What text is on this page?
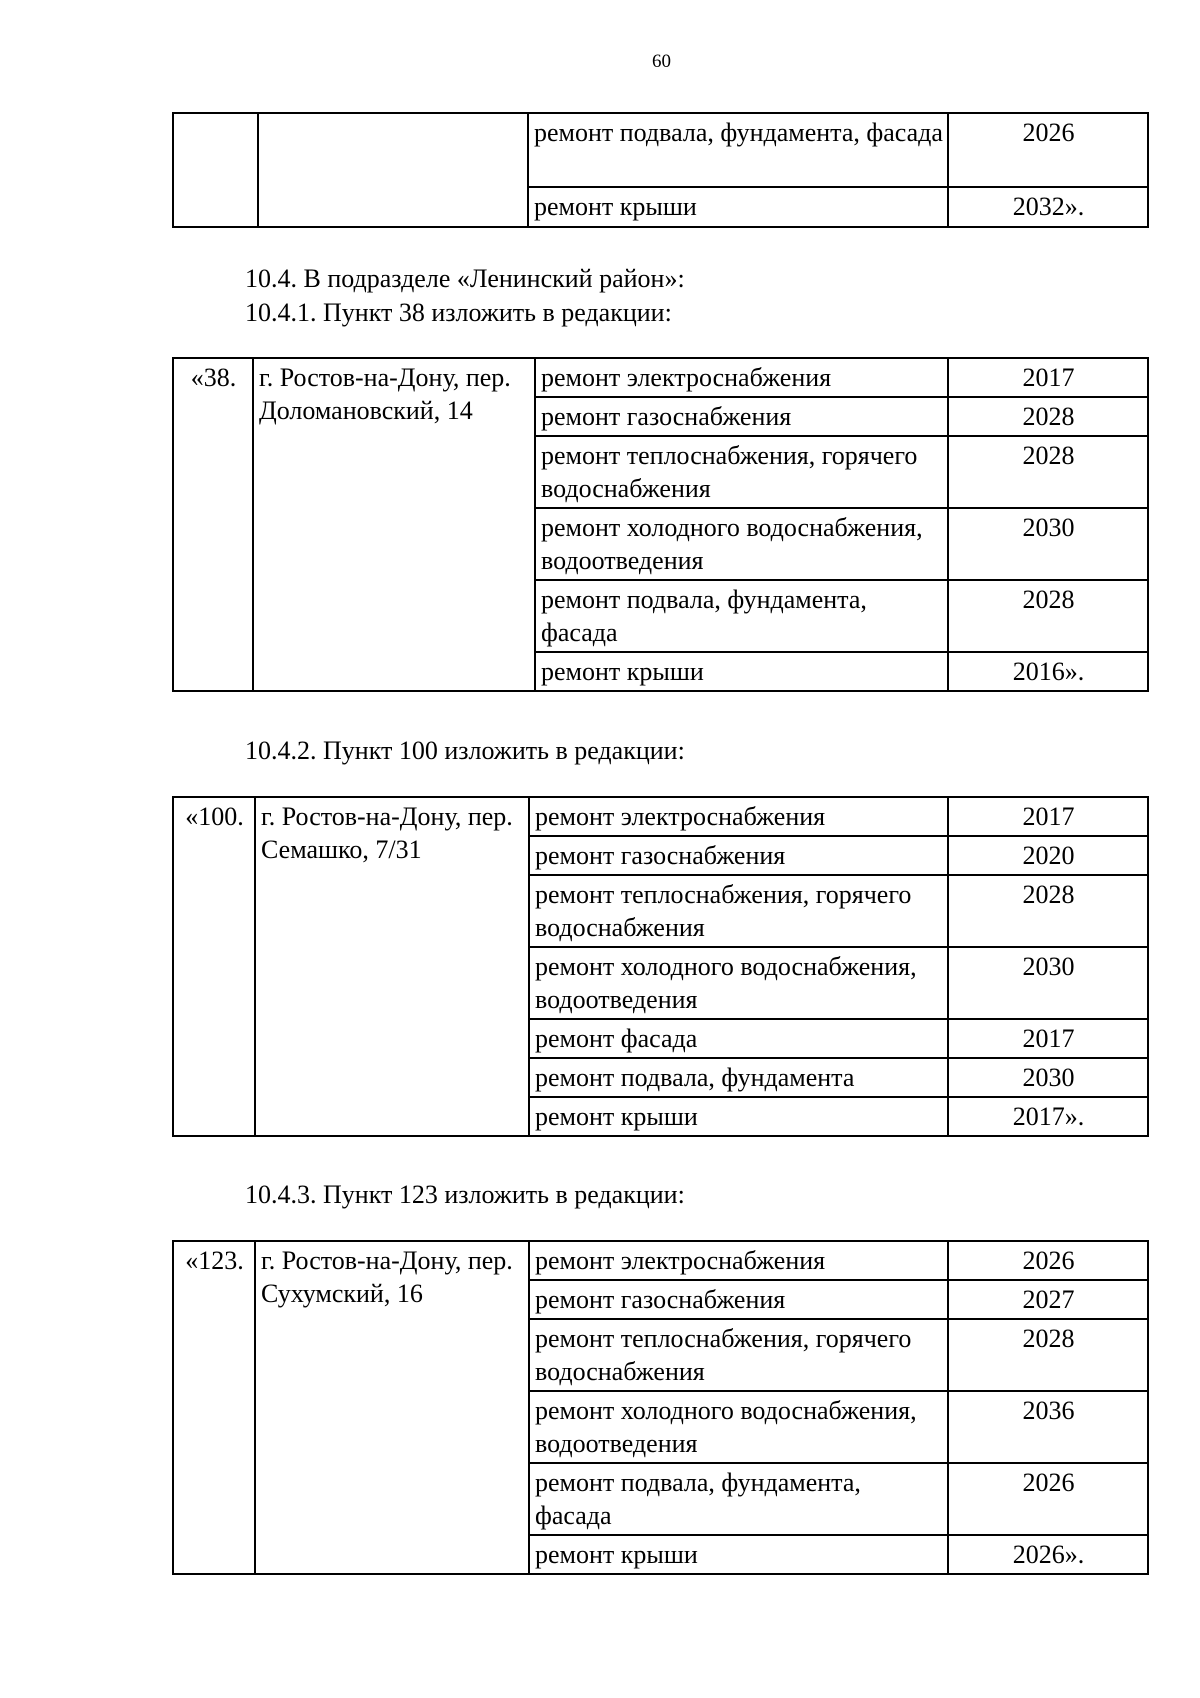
60
		ремонт подвала, фундамента, фасада	2026
		ремонт крыши	2032».
10.4. В подразделе «Ленинский район»:
10.4.1. Пункт 38 изложить в редакции:
«38.	г. Ростов-на-Дону, пер. Доломановский, 14	ремонт электроснабжения	2017
		ремонт газоснабжения	2028
		ремонт теплоснабжения, горячего водоснабжения	2028
		ремонт холодного водоснабжения, водоотведения	2030
		ремонт подвала, фундамента, фасада	2028
		ремонт крыши	2016».
10.4.2. Пункт 100 изложить в редакции:
«100.	г. Ростов-на-Дону, пер. Семашко, 7/31	ремонт электроснабжения	2017
		ремонт газоснабжения	2020
		ремонт теплоснабжения, горячего водоснабжения	2028
		ремонт холодного водоснабжения, водоотведения	2030
		ремонт фасада	2017
		ремонт подвала, фундамента	2030
		ремонт крыши	2017».
10.4.3. Пункт 123 изложить в редакции:
«123.	г. Ростов-на-Дону, пер. Сухумский, 16	ремонт электроснабжения	2026
		ремонт газоснабжения	2027
		ремонт теплоснабжения, горячего водоснабжения	2028
		ремонт холодного водоснабжения, водоотведения	2036
		ремонт подвала, фундамента, фасада	2026
		ремонт крыши	2026».
